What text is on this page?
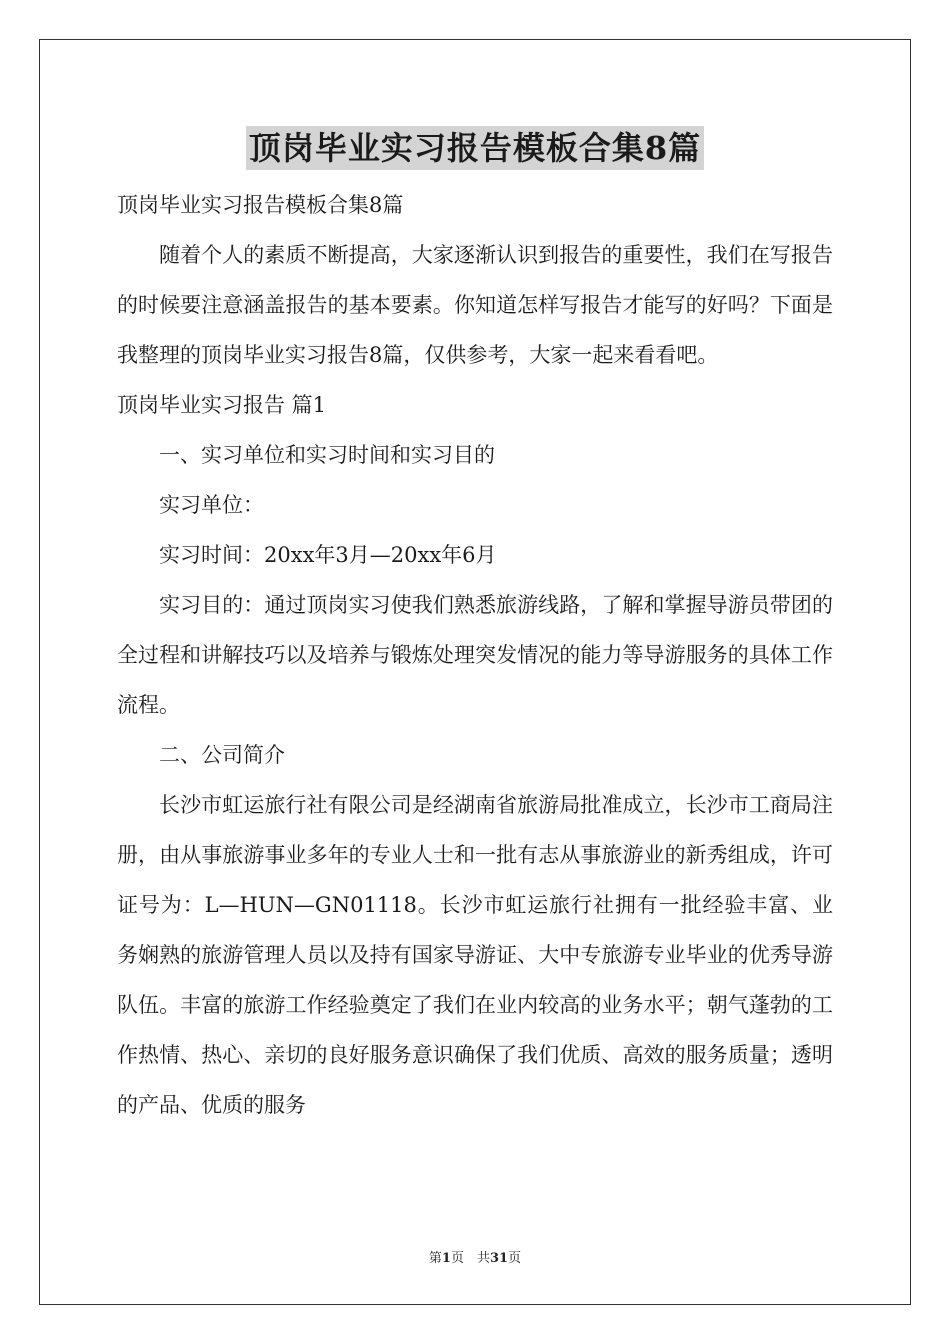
顶岗毕业实习报告模板合集8篇
顶岗毕业实习报告模板合集8篇
随着个人的素质不断提高，大家逐渐认识到报告的重要性，我们在写报告的时候要注意涵盖报告的基本要素。你知道怎样写报告才能写的好吗？下面是我整理的顶岗毕业实习报告8篇，仅供参考，大家一起来看看吧。
顶岗毕业实习报告 篇1
一、实习单位和实习时间和实习目的
实习单位：
实习时间：20xx年3月—20xx年6月
实习目的：通过顶岗实习使我们熟悉旅游线路，了解和掌握导游员带团的全过程和讲解技巧以及培养与锻炼处理突发情况的能力等导游服务的具体工作流程。
二、公司简介
长沙市虹运旅行社有限公司是经湖南省旅游局批准成立，长沙市工商局注册，由从事旅游事业多年的专业人士和一批有志从事旅游业的新秀组成，许可证号为：L—HUN—GN01118。长沙市虹运旅行社拥有一批经验丰富、业务娴熟的旅游管理人员以及持有国家导游证、大中专旅游专业毕业的优秀导游队伍。丰富的旅游工作经验奠定了我们在业内较高的业务水平；朝气蓬勃的工作热情、热心、亲切的良好服务意识确保了我们优质、高效的服务质量；透明的产品、优质的服务
第1页　共31页
